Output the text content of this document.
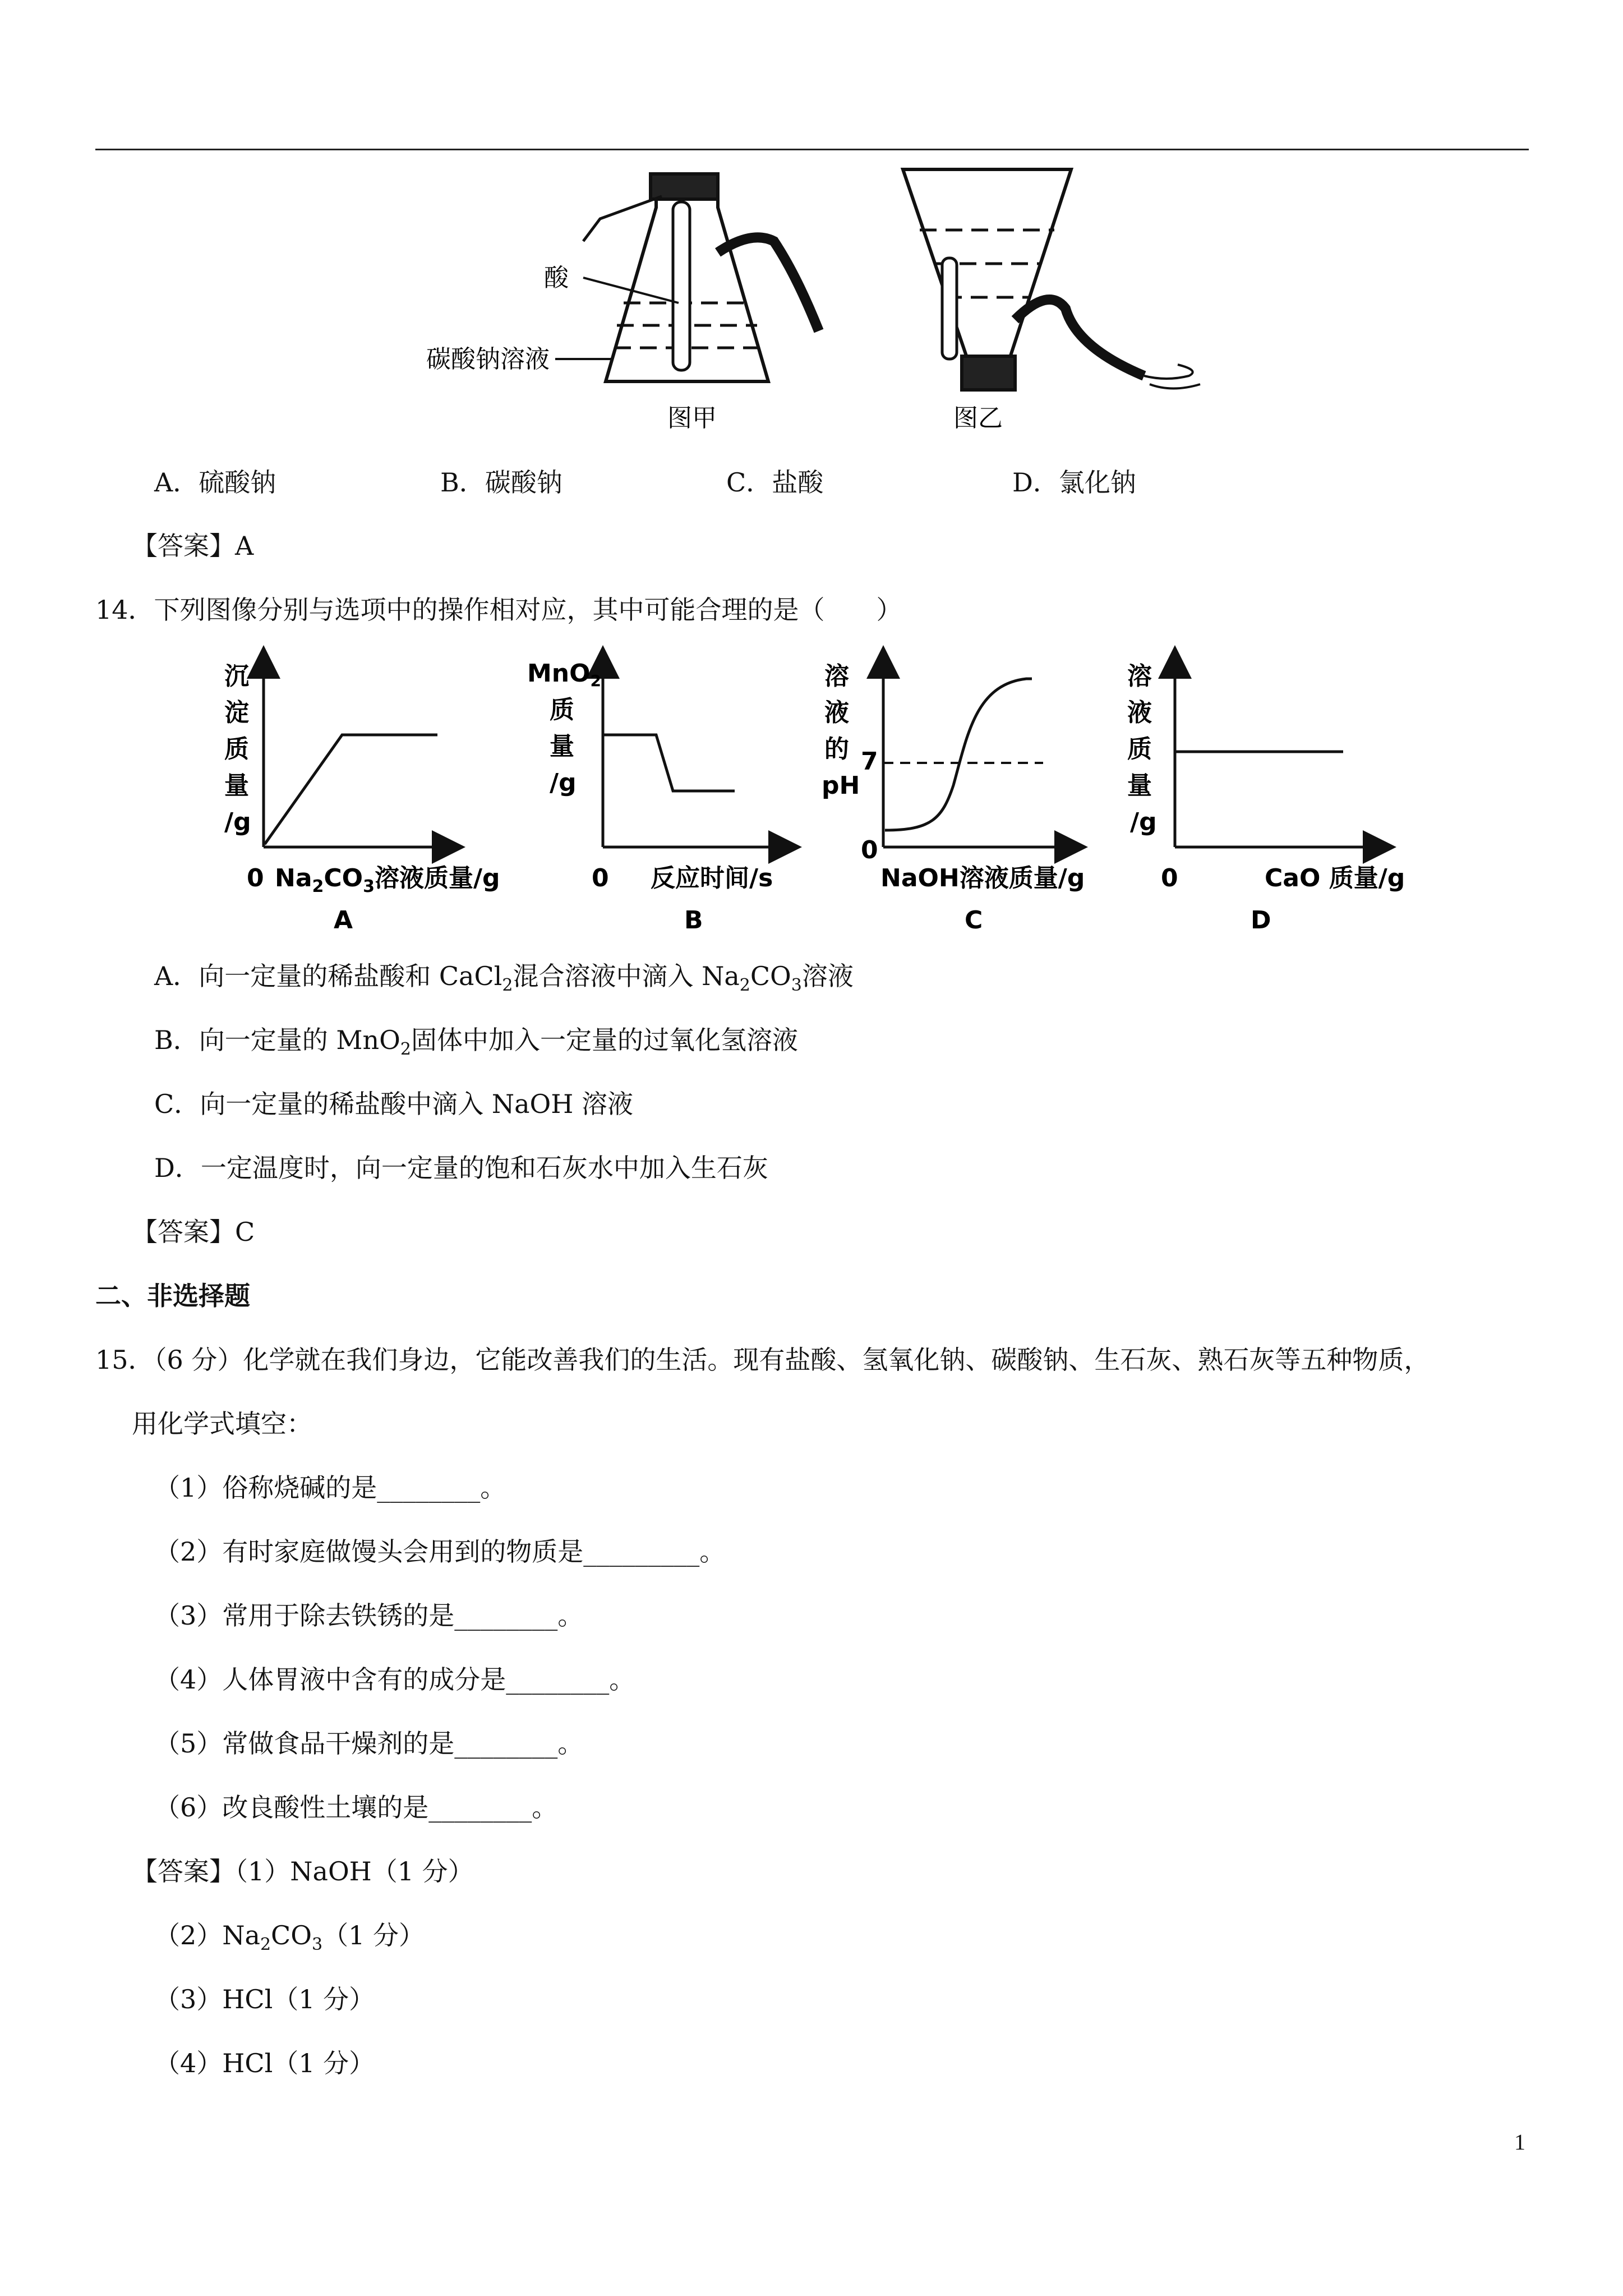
酸
碳酸钠溶液
图甲	图乙
A．硫酸钠	B．碳酸钠	C．盐酸	D．氯化钠
【答案】A
14．下列图像分别与选项中的操作相对应，其中可能合理的是（　　）
沉
淀
质
量
/g
0 $Na_2CO_3$溶液质量/g
A
MnO2
质
量
/g
0 反应时间/s
B
溶
液
的
pH
7
0
NaOH溶液质量/g
C
溶
液
质
量
/g
0	CaO 质量/g
D
A．向一定量的稀盐酸和 CaCl$_2$混合溶液中滴入 $Na_2CO_3$溶液
B．向一定量的 MnO$_2$固体中加入一定量的过氧化氢溶液
C．向一定量的稀盐酸中滴入 NaOH 溶液
D．一定温度时，向一定量的饱和石灰水中加入生石灰
【答案】C
二、非选择题
15．（6 分）化学就在我们身边，它能改善我们的生活。现有盐酸、氢氧化钠、碳酸钠、生石灰、熟石灰等五种物质，
用化学式填空：
（1）俗称烧碱的是________。
（2）有时家庭做馒头会用到的物质是_________。
（3）常用于除去铁锈的是________。
（4）人体胃液中含有的成分是________。
（5）常做食品干燥剂的是________。
（6）改良酸性土壤的是________。
【答案】（1）NaOH（1 分）
$(2)Na_2CO_3(1$ 分）
（3）HCl（1 分）
（4）HCl（1 分）
1
